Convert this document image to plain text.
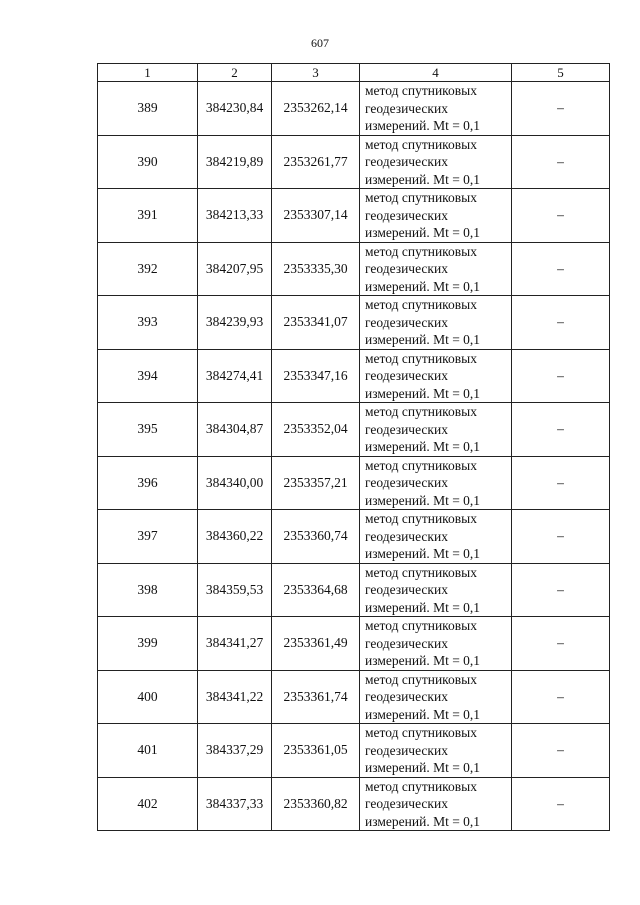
607
1	2	3	4	5
389	384230,84	2353262,14	метод спутниковых
геодезических
измерений. Mt = 0,1	–
390	384219,89	2353261,77	метод спутниковых
геодезических
измерений. Mt = 0,1	–
391	384213,33	2353307,14	метод спутниковых
геодезических
измерений. Mt = 0,1	–
392	384207,95	2353335,30	метод спутниковых
геодезических
измерений. Mt = 0,1	–
393	384239,93	2353341,07	метод спутниковых
геодезических
измерений. Mt = 0,1	–
394	384274,41	2353347,16	метод спутниковых
геодезических
измерений. Mt = 0,1	–
395	384304,87	2353352,04	метод спутниковых
геодезических
измерений. Mt = 0,1	–
396	384340,00	2353357,21	метод спутниковых
геодезических
измерений. Mt = 0,1	–
397	384360,22	2353360,74	метод спутниковых
геодезических
измерений. Mt = 0,1	–
398	384359,53	2353364,68	метод спутниковых
геодезических
измерений. Mt = 0,1	–
399	384341,27	2353361,49	метод спутниковых
геодезических
измерений. Mt = 0,1	–
400	384341,22	2353361,74	метод спутниковых
геодезических
измерений. Mt = 0,1	–
401	384337,29	2353361,05	метод спутниковых
геодезических
измерений. Mt = 0,1	–
402	384337,33	2353360,82	метод спутниковых
геодезических
измерений. Mt = 0,1	–
